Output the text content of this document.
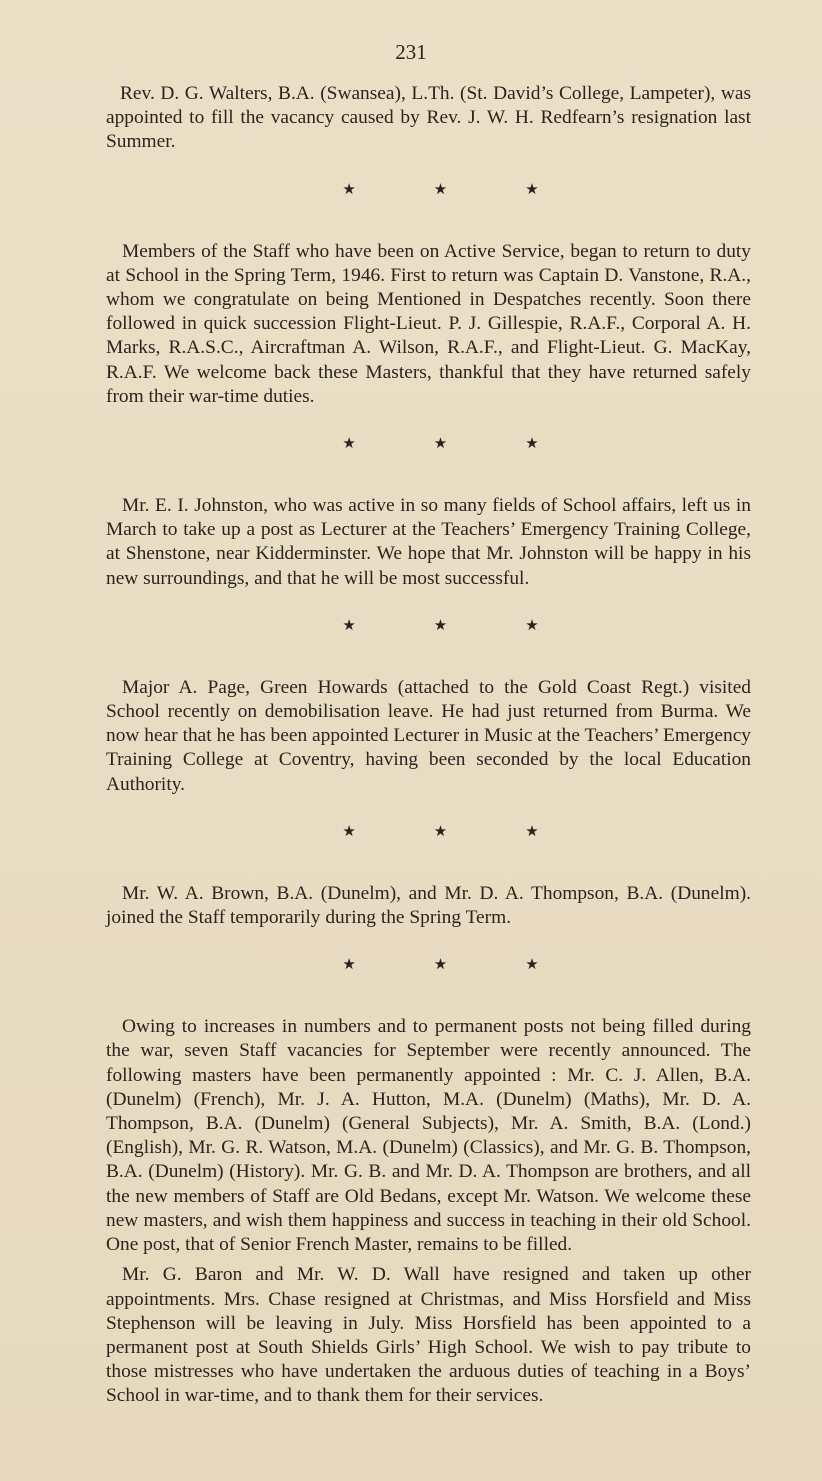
231

Rev. D. G. Walters, B.A. (Swansea), L.Th. (St. David’s College, Lampeter), was appointed to fill the vacancy caused by Rev. J. W. H. Redfearn’s resignation last Summer.

★	★	★

Members of the Staff who have been on Active Service, began to return to duty at School in the Spring Term, 1946. First to return was Captain D. Vanstone, R.A., whom we congratulate on being Mentioned in Despatches recently. Soon there followed in quick succession Flight-Lieut. P. J. Gillespie, R.A.F., Corporal A. H. Marks, R.A.S.C., Aircraftman A. Wilson, R.A.F., and Flight-Lieut. G. MacKay, R.A.F. We welcome back these Masters, thankful that they have returned safely from their war-time duties.

★	★	★

Mr. E. I. Johnston, who was active in so many fields of School affairs, left us in March to take up a post as Lecturer at the Teachers’ Emergency Training College, at Shenstone, near Kidderminster. We hope that Mr. Johnston will be happy in his new surroundings, and that he will be most successful.

★	★	★

Major A. Page, Green Howards (attached to the Gold Coast Regt.) visited School recently on demobilisation leave. He had just returned from Burma. We now hear that he has been appointed Lecturer in Music at the Teachers’ Emergency Training College at Coventry, having been seconded by the local Education Authority.

★	★	★

Mr. W. A. Brown, B.A. (Dunelm), and Mr. D. A. Thompson, B.A. (Dunelm). joined the Staff temporarily during the Spring Term.

★	★	★

Owing to increases in numbers and to permanent posts not being filled during the war, seven Staff vacancies for September were recently announced. The following masters have been permanently appointed : Mr. C. J. Allen, B.A. (Dunelm) (French), Mr. J. A. Hutton, M.A. (Dunelm) (Maths), Mr. D. A. Thompson, B.A. (Dunelm) (General Subjects), Mr. A. Smith, B.A. (Lond.) (English), Mr. G. R. Watson, M.A. (Dunelm) (Classics), and Mr. G. B. Thompson, B.A. (Dunelm) (History). Mr. G. B. and Mr. D. A. Thompson are brothers, and all the new members of Staff are Old Bedans, except Mr. Watson. We welcome these new masters, and wish them happiness and success in teaching in their old School. One post, that of Senior French Master, remains to be filled.

Mr. G. Baron and Mr. W. D. Wall have resigned and taken up other appointments. Mrs. Chase resigned at Christmas, and Miss Horsfield and Miss Stephenson will be leaving in July. Miss Horsfield has been appointed to a permanent post at South Shields Girls’ High School. We wish to pay tribute to those mistresses who have undertaken the arduous duties of teaching in a Boys’ School in war-time, and to thank them for their services.
